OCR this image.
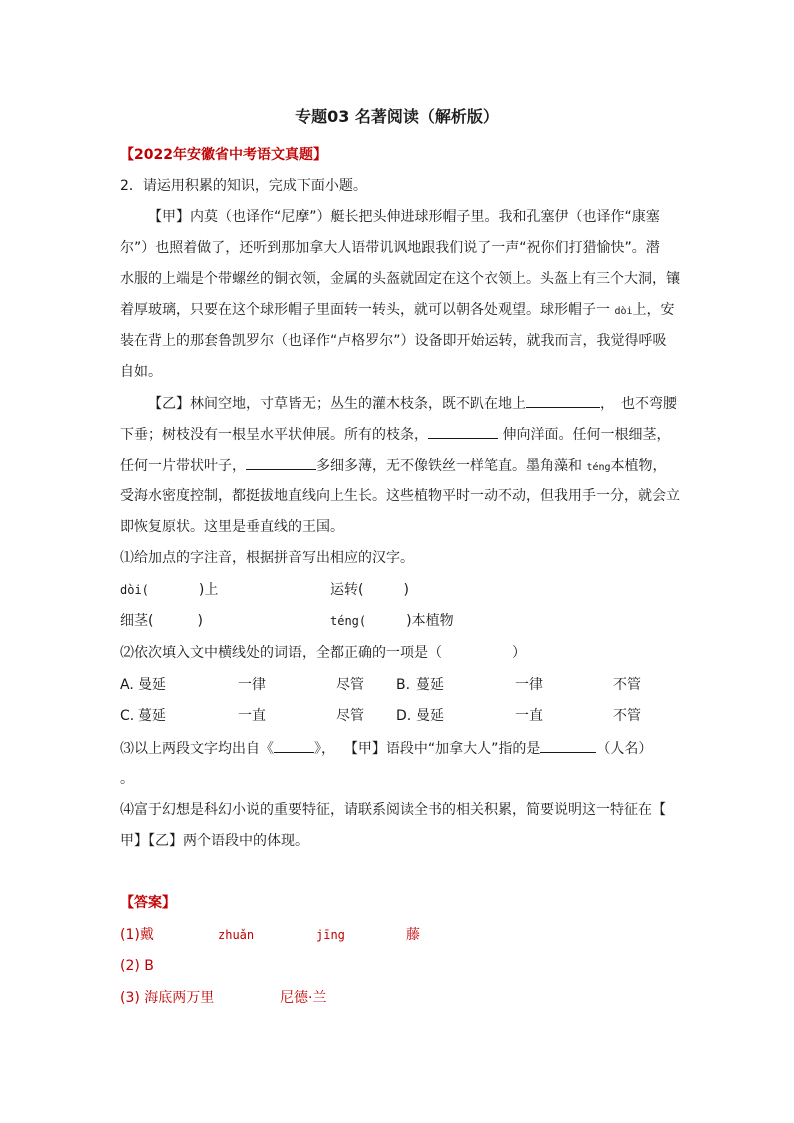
专题03 名著阅读（解析版）
【2022年安徽省中考语文真题】
2．请运用积累的知识，完成下面小题。
【甲】内莫（也译作“尼摩”）艇长把头伸进球形帽子里。我和孔塞伊（也译作“康塞
尔”）也照着做了，还听到那加拿大人语带讥讽地跟我们说了一声“祝你们打猎愉快”。潜
水服的上端是个带螺丝的铜衣领，金属的头盔就固定在这个衣领上。头盔上有三个大洞，镶
着厚玻璃，只要在这个球形帽子里面转一转头，就可以朝各处观望。球形帽子一 dòi上，安
装在背上的那套鲁凯罗尔（也译作“卢格罗尔”）设备即开始运转，就我而言，我觉得呼吸
自如。
【乙】林间空地，寸草皆无；丛生的灌木枝条，既不趴在地上	，　也不弯腰
下垂；树枝没有一根呈水平状伸展。所有的枝条，	伸向洋面。任何一根细茎，
任何一片带状叶子，	多细多薄，无不像铁丝一样笔直。墨角藻和 téng本植物，
受海水密度控制，都挺拔地直线向上生长。这些植物平时一动不动，但我用手一分，就会立
即恢复原状。这里是垂直线的王国。
⑴给加点的字注音，根据拼音写出相应的汉字。
dòi(	)上	运转(	)
细茎(	)	téng(	)本植物
⑵依次填入文中横线处的词语，全都正确的一项是（　　　　　）
A. 曼延	一律	尽管 B. 蔓延	一律	不管
C. 蔓延	一直	尽管 D. 曼延	一直	不管
⑶以上两段文字均出自《	》， 【甲】语段中“加拿大人”指的是	（人名）
。
⑷富于幻想是科幻小说的重要特征，请联系阅读全书的相关积累，简要说明这一特征在【
甲】【乙】两个语段中的体现。
【答案】
(1)戴	zhuǎn	jīng	藤
(2) B
(3) 海底两万里	尼德·兰
